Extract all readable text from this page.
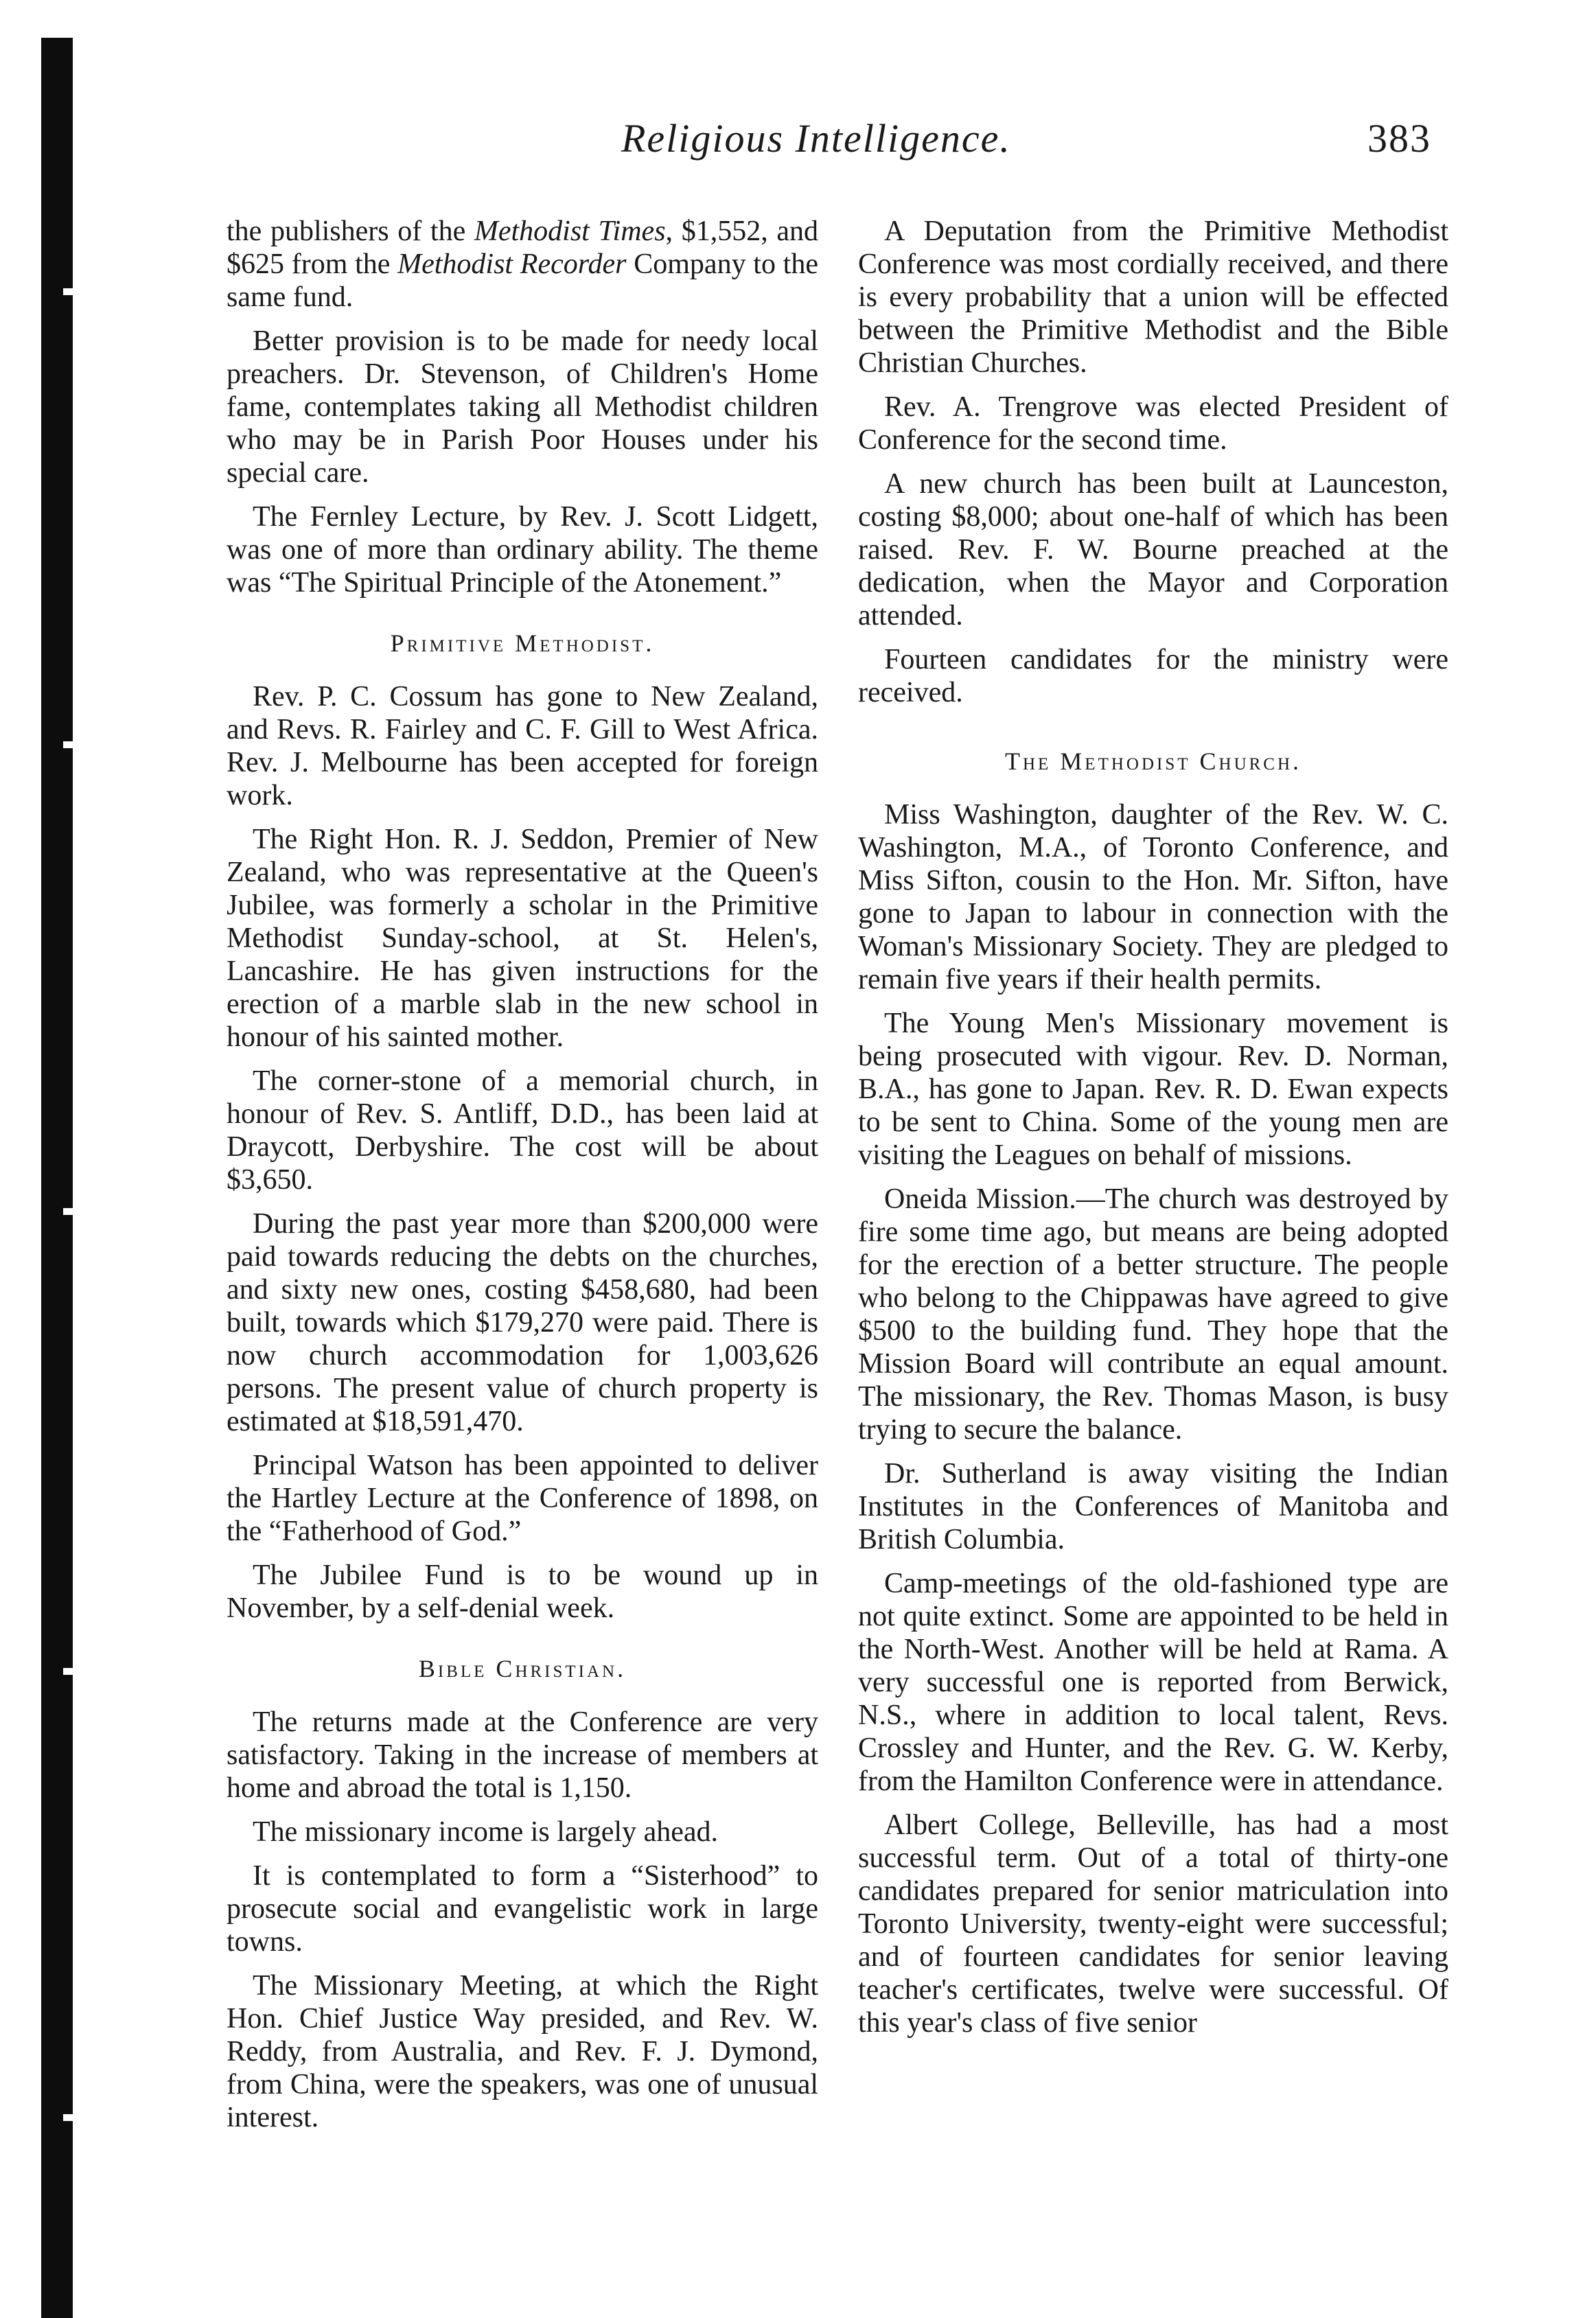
Religious Intelligence.	383

the publishers of the Methodist Times, $1,552, and $625 from the Methodist Recorder Company to the same fund.

Better provision is to be made for needy local preachers. Dr. Stevenson, of Children's Home fame, contemplates taking all Methodist children who may be in Parish Poor Houses under his special care.

The Fernley Lecture, by Rev. J. Scott Lidgett, was one of more than ordinary ability. The theme was “The Spiritual Principle of the Atonement.”

Primitive Methodist.

Rev. P. C. Cossum has gone to New Zealand, and Revs. R. Fairley and C. F. Gill to West Africa. Rev. J. Melbourne has been accepted for foreign work.

The Right Hon. R. J. Seddon, Premier of New Zealand, who was representative at the Queen's Jubilee, was formerly a scholar in the Primitive Methodist Sunday-school, at St. Helen's, Lancashire. He has given instructions for the erection of a marble slab in the new school in honour of his sainted mother.

The corner-stone of a memorial church, in honour of Rev. S. Antliff, D.D., has been laid at Draycott, Derbyshire. The cost will be about $3,650.

During the past year more than $200,000 were paid towards reducing the debts on the churches, and sixty new ones, costing $458,680, had been built, towards which $179,270 were paid. There is now church accommodation for 1,003,626 persons. The present value of church property is estimated at $18,591,470.

Principal Watson has been appointed to deliver the Hartley Lecture at the Conference of 1898, on the “Fatherhood of God.”

The Jubilee Fund is to be wound up in November, by a self-denial week.

Bible Christian.

The returns made at the Conference are very satisfactory. Taking in the increase of members at home and abroad the total is 1,150.

The missionary income is largely ahead.

It is contemplated to form a “Sisterhood” to prosecute social and evangelistic work in large towns.

The Missionary Meeting, at which the Right Hon. Chief Justice Way presided, and Rev. W. Reddy, from Australia, and Rev. F. J. Dymond, from China, were the speakers, was one of unusual interest.

A Deputation from the Primitive Methodist Conference was most cordially received, and there is every probability that a union will be effected between the Primitive Methodist and the Bible Christian Churches.

Rev. A. Trengrove was elected President of Conference for the second time.

A new church has been built at Launceston, costing $8,000; about one-half of which has been raised. Rev. F. W. Bourne preached at the dedication, when the Mayor and Corporation attended.

Fourteen candidates for the ministry were received.

The Methodist Church.

Miss Washington, daughter of the Rev. W. C. Washington, M.A., of Toronto Conference, and Miss Sifton, cousin to the Hon. Mr. Sifton, have gone to Japan to labour in connection with the Woman's Missionary Society. They are pledged to remain five years if their health permits.

The Young Men's Missionary movement is being prosecuted with vigour. Rev. D. Norman, B.A., has gone to Japan. Rev. R. D. Ewan expects to be sent to China. Some of the young men are visiting the Leagues on behalf of missions.

Oneida Mission.—The church was destroyed by fire some time ago, but means are being adopted for the erection of a better structure. The people who belong to the Chippawas have agreed to give $500 to the building fund. They hope that the Mission Board will contribute an equal amount. The missionary, the Rev. Thomas Mason, is busy trying to secure the balance.

Dr. Sutherland is away visiting the Indian Institutes in the Conferences of Manitoba and British Columbia.

Camp-meetings of the old-fashioned type are not quite extinct. Some are appointed to be held in the North-West. Another will be held at Rama. A very successful one is reported from Berwick, N.S., where in addition to local talent, Revs. Crossley and Hunter, and the Rev. G. W. Kerby, from the Hamilton Conference were in attendance.

Albert College, Belleville, has had a most successful term. Out of a total of thirty-one candidates prepared for senior matriculation into Toronto University, twenty-eight were successful; and of fourteen candidates for senior leaving teacher's certificates, twelve were successful. Of this year's class of five senior
